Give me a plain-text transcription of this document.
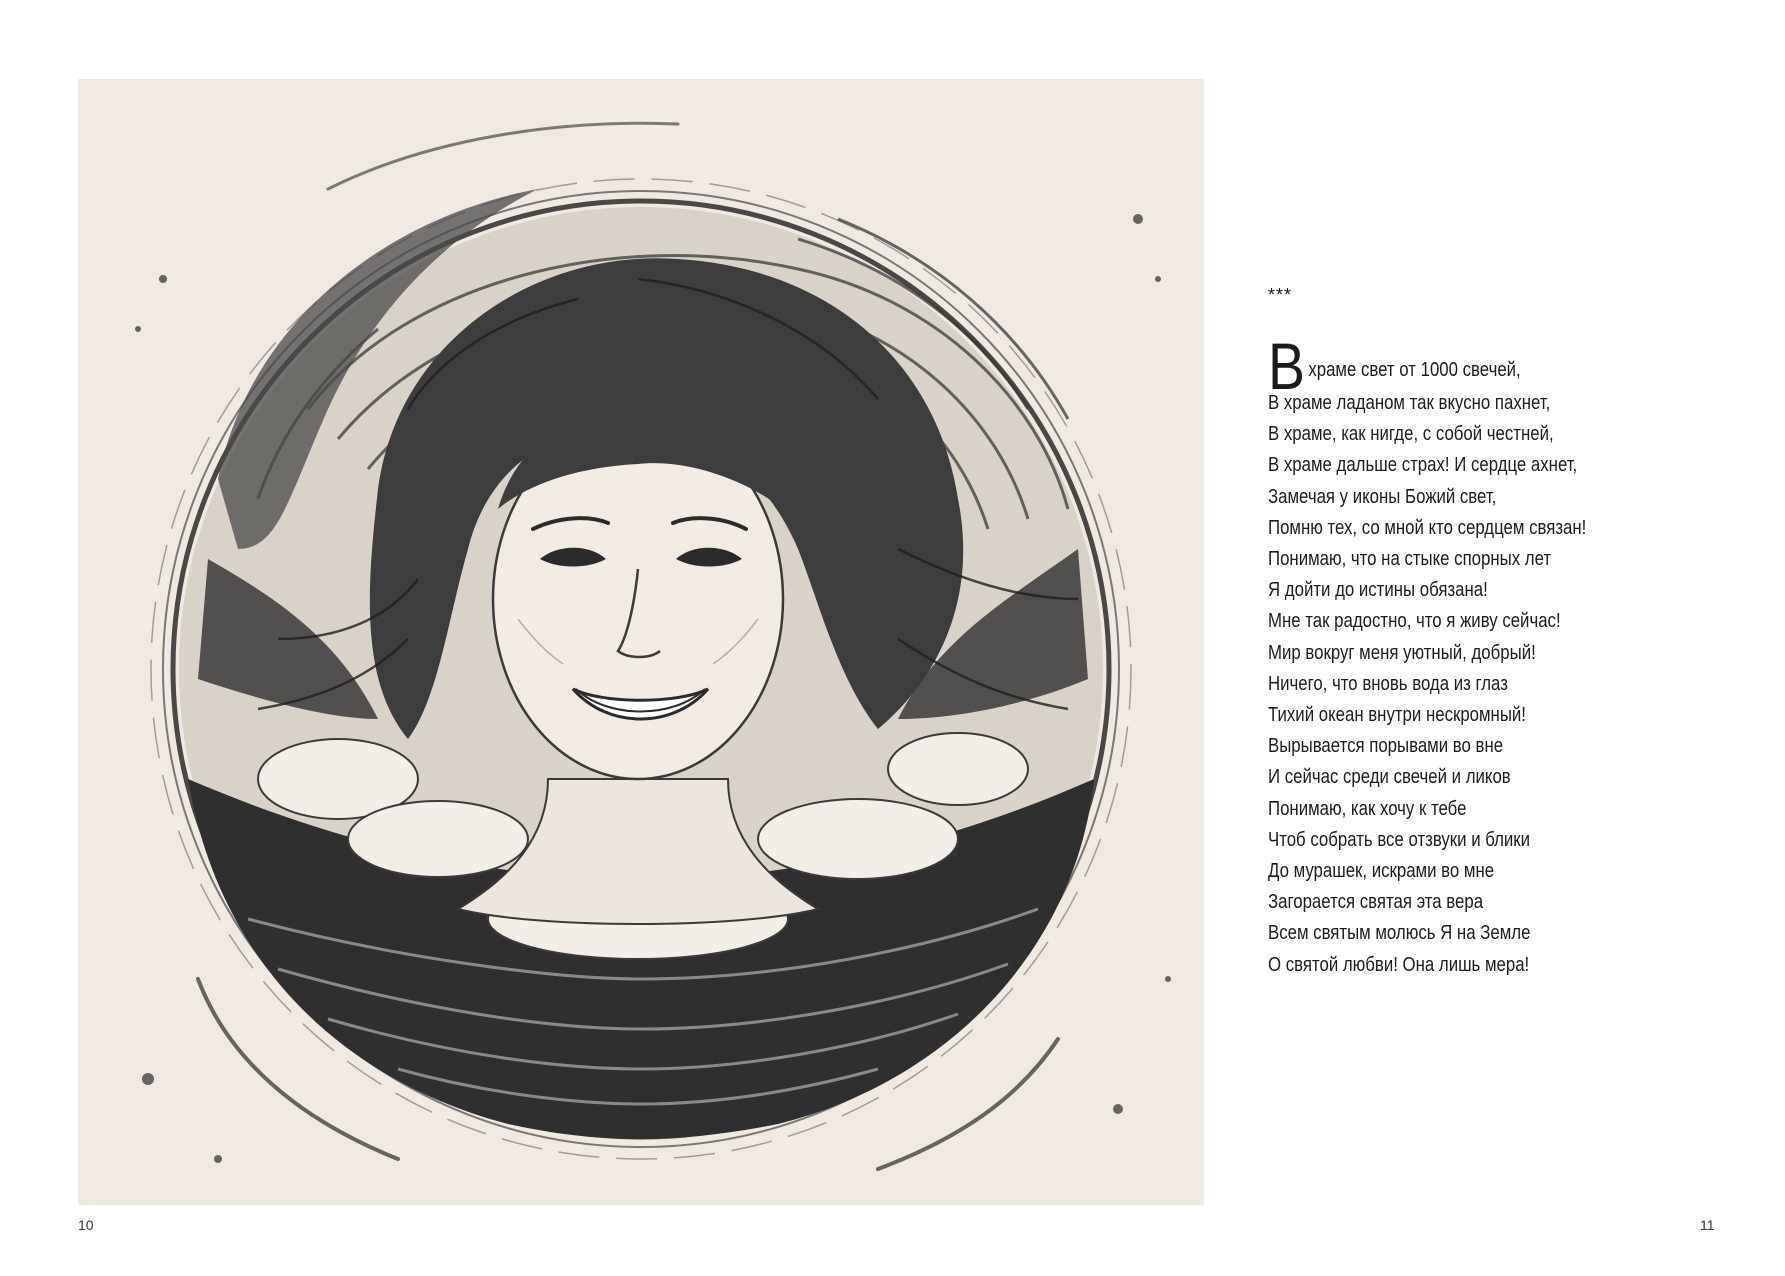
***
В храме свет от 1000 свечей,
В храме ладаном так вкусно пахнет,
В храме, как нигде, с собой честней,
В храме дальше страх! И сердце ахнет,
Замечая у иконы Божий свет,
Помню тех, со мной кто сердцем связан!
Понимаю, что на стыке спорных лет
Я дойти до истины обязана!
Мне так радостно, что я живу сейчас!
Мир вокруг меня уютный, добрый!
Ничего, что вновь вода из глаз
Тихий океан внутри нескромный!
Вырывается порывами во вне
И сейчас среди свечей и ликов
Понимаю, как хочу к тебе
Чтоб собрать все отзвуки и блики
До мурашек, искрами во мне
Загорается святая эта вера
Всем святым молюсь Я на Земле
О святой любви! Она лишь мера!
10	11
